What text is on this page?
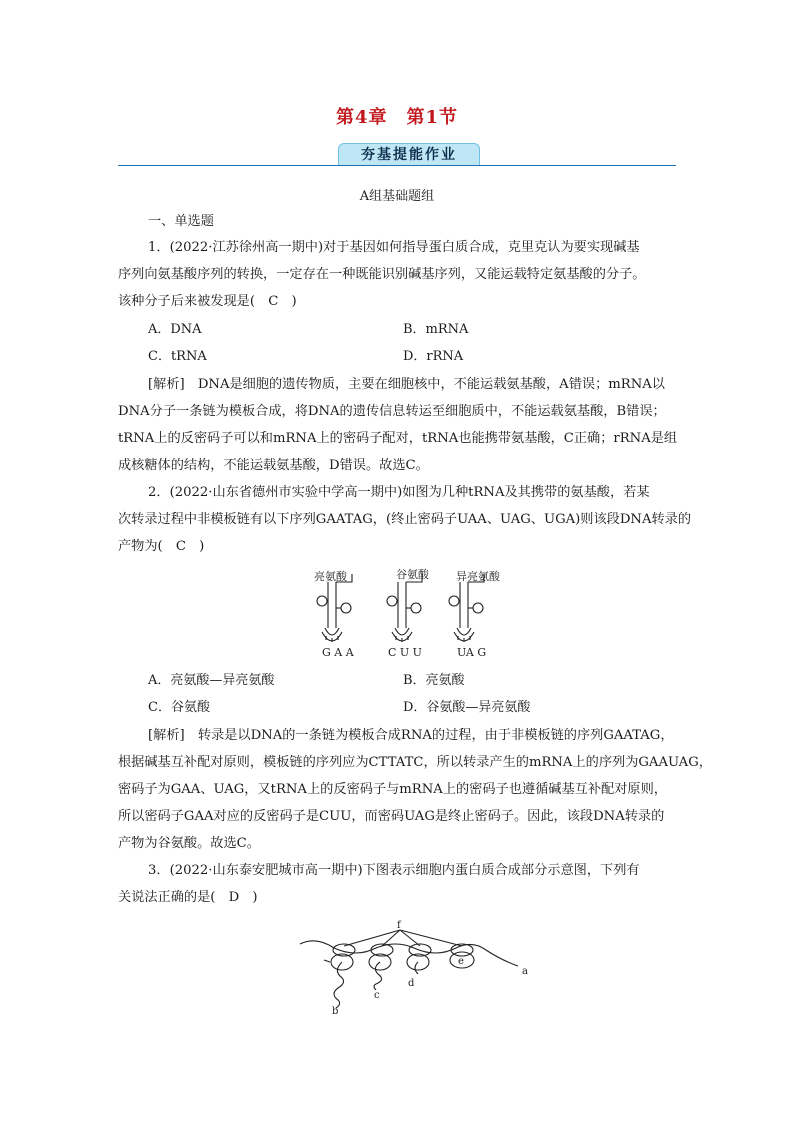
第4章　第1节
夯基提能作业
A组基础题组
一、单选题
1．(2022·江苏徐州高一期中)对于基因如何指导蛋白质合成，克里克认为要实现碱基
序列向氨基酸序列的转换，一定存在一种既能识别碱基序列，又能运载特定氨基酸的分子。
该种分子后来被发现是(　C　)
A．DNA	B．mRNA
C．tRNA	D．rRNA
[解析]　DNA是细胞的遗传物质，主要在细胞核中，不能运载氨基酸，A错误；mRNA以
DNA分子一条链为模板合成，将DNA的遗传信息转运至细胞质中，不能运载氨基酸，B错误；
tRNA上的反密码子可以和mRNA上的密码子配对，tRNA也能携带氨基酸，C正确；rRNA是组
成核糖体的结构，不能运载氨基酸，D错误。故选C。
2．(2022·山东省德州市实验中学高一期中)如图为几种tRNA及其携带的氨基酸，若某
次转录过程中非模板链有以下序列GAATAG，(终止密码子UAA、UAG、UGA)则该段DNA转录的
产物为(　C　)
亮氨酸	谷氨酸 异亮氨酸
G A A	C U U	UA G
A．亮氨酸—异亮氨酸	B．亮氨酸
C．谷氨酸	D．谷氨酸—异亮氨酸
[解析]　转录是以DNA的一条链为模板合成RNA的过程，由于非模板链的序列GAATAG，
根据碱基互补配对原则，模板链的序列应为CTTATC，所以转录产生的mRNA上的序列为GAAUAG，
密码子为GAA、UAG，又tRNA上的反密码子与mRNA上的密码子也遵循碱基互补配对原则，
所以密码子GAA对应的反密码子是CUU，而密码UAG是终止密码子。因此，该段DNA转录的
产物为谷氨酸。故选C。
3．(2022·山东泰安肥城市高一期中)下图表示细胞内蛋白质合成部分示意图，下列有
关说法正确的是(　D　)
f
e
a
b
c
d
